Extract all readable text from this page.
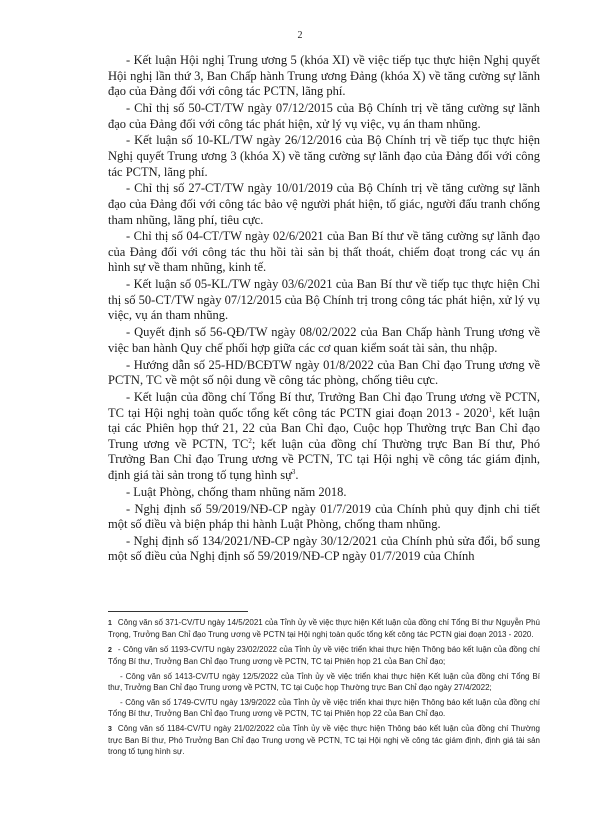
2

- Kết luận Hội nghị Trung ương 5 (khóa XI) về việc tiếp tục thực hiện Nghị quyết Hội nghị lần thứ 3, Ban Chấp hành Trung ương Đảng (khóa X) về tăng cường sự lãnh đạo của Đảng đối với công tác PCTN, lãng phí.

- Chỉ thị số 50-CT/TW ngày 07/12/2015 của Bộ Chính trị về tăng cường sự lãnh đạo của Đảng đối với công tác phát hiện, xử lý vụ việc, vụ án tham nhũng.

- Kết luận số 10-KL/TW ngày 26/12/2016 của Bộ Chính trị về tiếp tục thực hiện Nghị quyết Trung ương 3 (khóa X) về tăng cường sự lãnh đạo của Đảng đối với công tác PCTN, lãng phí.

- Chỉ thị số 27-CT/TW ngày 10/01/2019 của Bộ Chính trị về tăng cường sự lãnh đạo của Đảng đối với công tác bảo vệ người phát hiện, tố giác, người đấu tranh chống tham nhũng, lãng phí, tiêu cực.

- Chỉ thị số 04-CT/TW ngày 02/6/2021 của Ban Bí thư về tăng cường sự lãnh đạo của Đảng đối với công tác thu hồi tài sản bị thất thoát, chiếm đoạt trong các vụ án hình sự về tham nhũng, kinh tế.

- Kết luận số 05-KL/TW ngày 03/6/2021 của Ban Bí thư về tiếp tục thực hiện Chỉ thị số 50-CT/TW ngày 07/12/2015 của Bộ Chính trị trong công tác phát hiện, xử lý vụ việc, vụ án tham nhũng.

- Quyết định số 56-QĐ/TW ngày 08/02/2022 của Ban Chấp hành Trung ương về việc ban hành Quy chế phối hợp giữa các cơ quan kiểm soát tài sản, thu nhập.

- Hướng dẫn số 25-HD/BCĐTW ngày 01/8/2022 của Ban Chỉ đạo Trung ương về PCTN, TC về một số nội dung về công tác phòng, chống tiêu cực.

- Kết luận của đồng chí Tổng Bí thư, Trưởng Ban Chỉ đạo Trung ương về PCTN, TC tại Hội nghị toàn quốc tổng kết công tác PCTN giai đoạn 2013 - 2020$^1$, kết luận tại các Phiên họp thứ 21, 22 của Ban Chỉ đạo, Cuộc họp Thường trực Ban Chỉ đạo Trung ương về PCTN, $TC^2$; kết luận của đồng chí Thường trực Ban Bí thư, Phó Trưởng Ban Chỉ đạo Trung ương về PCTN, TC tại Hội nghị về công tác giám định, định giá tài sản trong tố tụng hình sự$^3$.

- Luật Phòng, chống tham nhũng năm 2018.

- Nghị định số 59/2019/NĐ-CP ngày 01/7/2019 của Chính phủ quy định chi tiết một số điều và biện pháp thi hành Luật Phòng, chống tham nhũng.

- Nghị định số 134/2021/NĐ-CP ngày 30/12/2021 của Chính phủ sửa đổi, bổ sung một số điều của Nghị định số 59/2019/NĐ-CP ngày 01/7/2019 của Chính

1 Công văn số 371-CV/TU ngày 14/5/2021 của Tỉnh ủy về việc thực hiện Kết luận của đồng chí Tổng Bí thư Nguyễn Phú Trọng, Trưởng Ban Chỉ đạo Trung ương về PCTN tại Hội nghị toàn quốc tổng kết công tác PCTN giai đoạn 2013 - 2020.

2 - Công văn số 1193-CV/TU ngày 23/02/2022 của Tỉnh ủy về việc triển khai thực hiện Thông báo kết luận của đồng chí Tổng Bí thư, Trưởng Ban Chỉ đạo Trung ương về PCTN, TC tại Phiên họp 21 của Ban Chỉ đạo;

- Công văn số 1413-CV/TU ngày 12/5/2022 của Tỉnh ủy về việc triển khai thực hiện Kết luận của đồng chí Tổng Bí thư, Trưởng Ban Chỉ đạo Trung ương về PCTN, TC tại Cuộc họp Thường trực Ban Chỉ đạo ngày 27/4/2022;

- Công văn số 1749-CV/TU ngày 13/9/2022 của Tỉnh ủy về việc triển khai thực hiện Thông báo kết luận của đồng chí Tổng Bí thư, Trưởng Ban Chỉ đạo Trung ương về PCTN, TC tại Phiên họp 22 của Ban Chỉ đạo.

3 Công văn số 1184-CV/TU ngày 21/02/2022 của Tỉnh ủy về việc thực hiện Thông báo kết luận của đồng chí Thường trực Ban Bí thư, Phó Trưởng Ban Chỉ đạo Trung ương về PCTN, TC tại Hội nghị về công tác giám định, định giá tài sản trong tố tụng hình sự.
